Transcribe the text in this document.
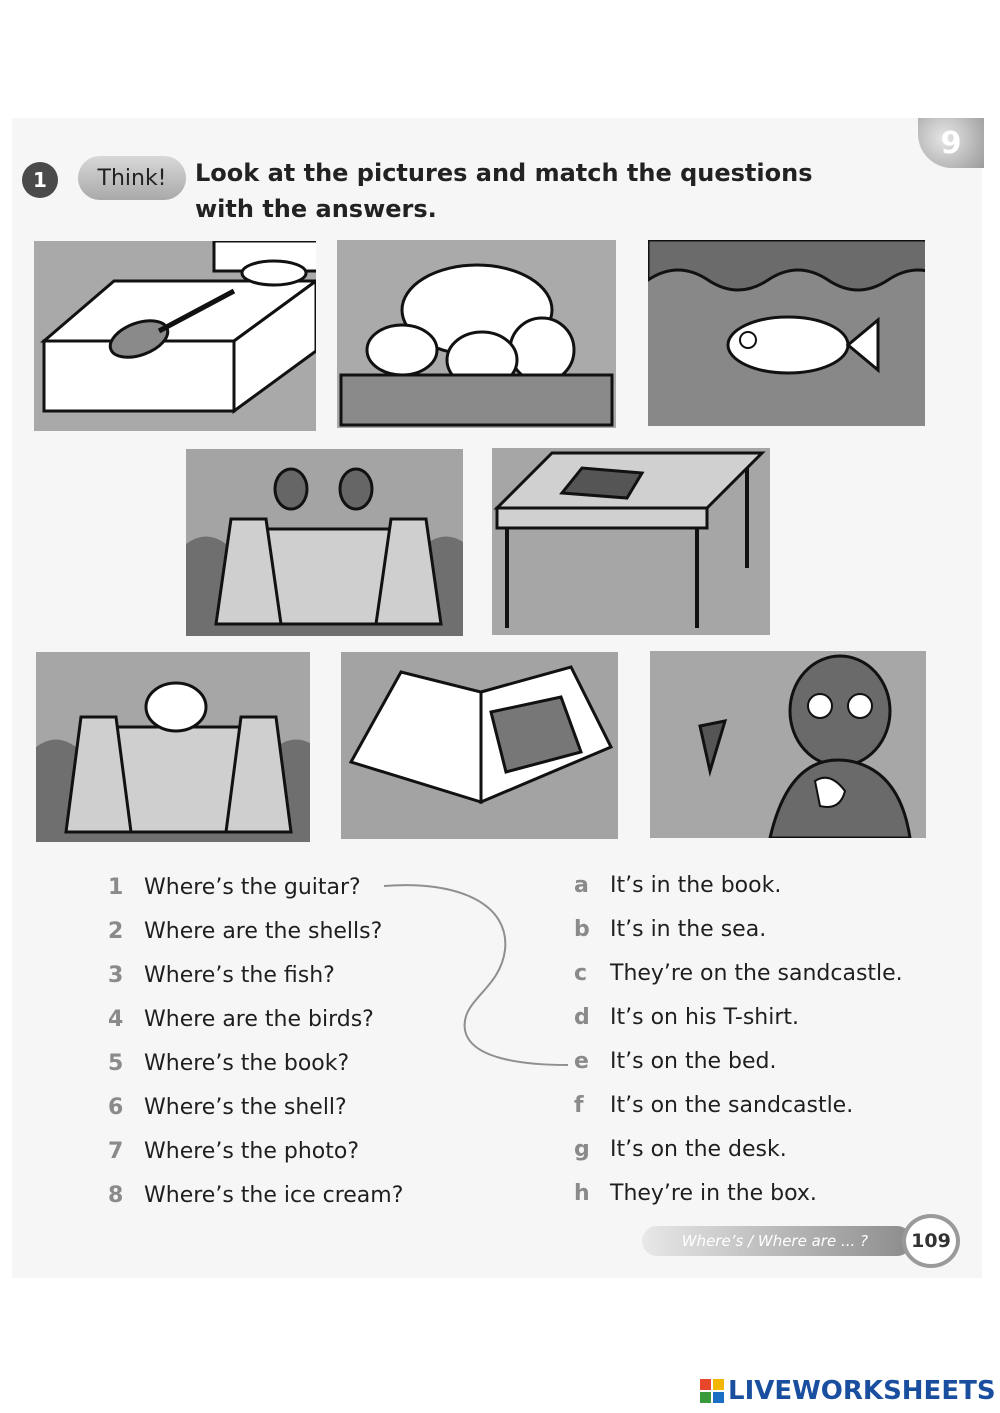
9
1	Think!	Look at the pictures and match the questions with the answers.
1 Where’s the guitar?
2 Where are the shells?
3 Where’s the fish?
4 Where are the birds?
5 Where’s the book?
6 Where’s the shell?
7 Where’s the photo?
8 Where’s the ice cream?
a It’s in the book.
b It’s in the sea.
c They’re on the sandcastle.
d It’s on his T-shirt.
e It’s on the bed.
f It’s on the sandcastle.
g It’s on the desk.
h They’re in the box.
Where’s / Where are ... ?	109
LIVEWORKSHEETS
